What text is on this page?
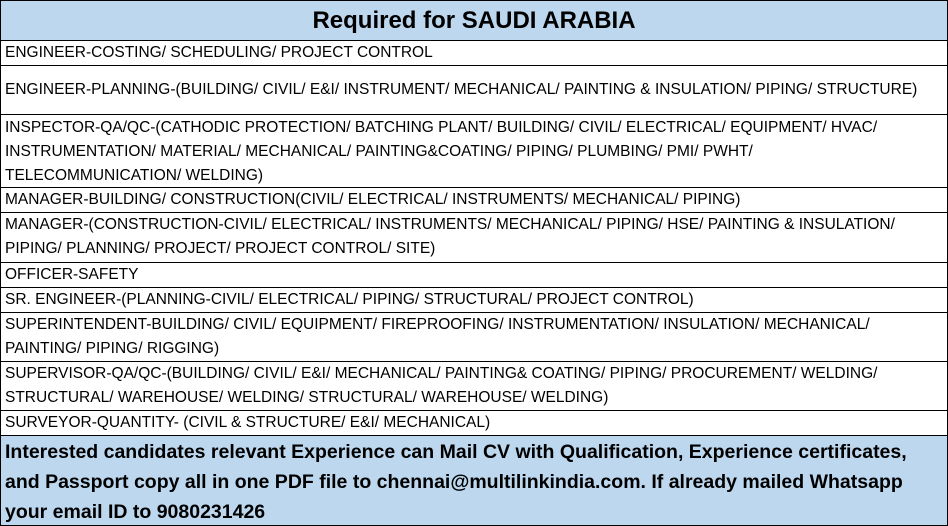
Required for SAUDI ARABIA
ENGINEER-COSTING/ SCHEDULING/ PROJECT CONTROL
ENGINEER-PLANNING-(BUILDING/ CIVIL/ E&I/ INSTRUMENT/ MECHANICAL/ PAINTING & INSULATION/ PIPING/ STRUCTURE)
INSPECTOR-QA/QC-(CATHODIC PROTECTION/ BATCHING PLANT/ BUILDING/ CIVIL/ ELECTRICAL/ EQUIPMENT/ HVAC/
INSTRUMENTATION/ MATERIAL/ MECHANICAL/ PAINTING&COATING/ PIPING/ PLUMBING/ PMI/ PWHT/
TELECOMMUNICATION/ WELDING)
MANAGER-BUILDING/ CONSTRUCTION(CIVIL/ ELECTRICAL/ INSTRUMENTS/ MECHANICAL/ PIPING)
MANAGER-(CONSTRUCTION-CIVIL/ ELECTRICAL/ INSTRUMENTS/ MECHANICAL/ PIPING/ HSE/ PAINTING & INSULATION/
PIPING/ PLANNING/ PROJECT/ PROJECT CONTROL/ SITE)
OFFICER-SAFETY
SR. ENGINEER-(PLANNING-CIVIL/ ELECTRICAL/ PIPING/ STRUCTURAL/ PROJECT CONTROL)
SUPERINTENDENT-BUILDING/ CIVIL/ EQUIPMENT/ FIREPROOFING/ INSTRUMENTATION/ INSULATION/ MECHANICAL/
PAINTING/ PIPING/ RIGGING)
SUPERVISOR-QA/QC-(BUILDING/ CIVIL/ E&I/ MECHANICAL/ PAINTING& COATING/ PIPING/ PROCUREMENT/ WELDING/
STRUCTURAL/ WAREHOUSE/ WELDING/ STRUCTURAL/ WAREHOUSE/ WELDING)
SURVEYOR-QUANTITY- (CIVIL & STRUCTURE/ E&I/ MECHANICAL)
Interested candidates relevant Experience can Mail CV with Qualification, Experience certificates,
and Passport copy all in one PDF file to chennai@multilinkindia.com. If already mailed Whatsapp
your email ID to 9080231426
